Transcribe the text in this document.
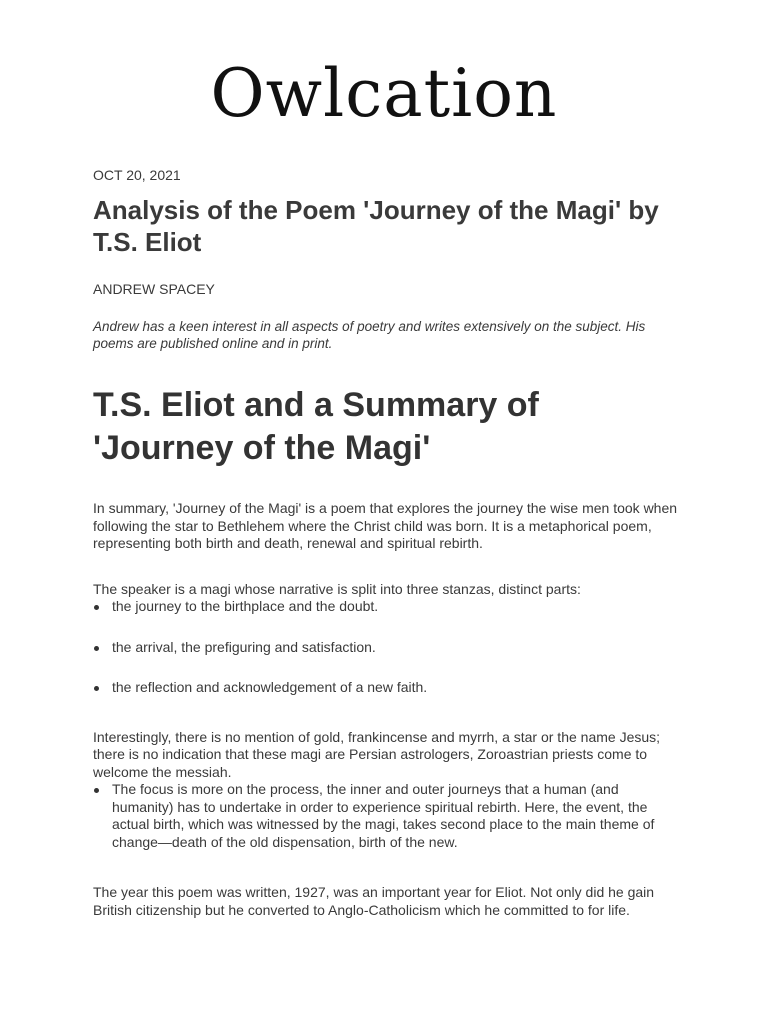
Owlcation

OCT 20, 2021

Analysis of the Poem 'Journey of the Magi' by T.S. Eliot

ANDREW SPACEY

Andrew has a keen interest in all aspects of poetry and writes extensively on the subject. His poems are published online and in print.

T.S. Eliot and a Summary of 'Journey of the Magi'

In summary, 'Journey of the Magi' is a poem that explores the journey the wise men took when following the star to Bethlehem where the Christ child was born. It is a metaphorical poem, representing both birth and death, renewal and spiritual rebirth.

The speaker is a magi whose narrative is split into three stanzas, distinct parts:

the journey to the birthplace and the doubt.
the arrival, the prefiguring and satisfaction.
the reflection and acknowledgement of a new faith.

Interestingly, there is no mention of gold, frankincense and myrrh, a star or the name Jesus; there is no indication that these magi are Persian astrologers, Zoroastrian priests come to welcome the messiah.

The focus is more on the process, the inner and outer journeys that a human (and humanity) has to undertake in order to experience spiritual rebirth. Here, the event, the actual birth, which was witnessed by the magi, takes second place to the main theme of change—death of the old dispensation, birth of the new.

The year this poem was written, 1927, was an important year for Eliot. Not only did he gain British citizenship but he converted to Anglo-Catholicism which he committed to for life.
